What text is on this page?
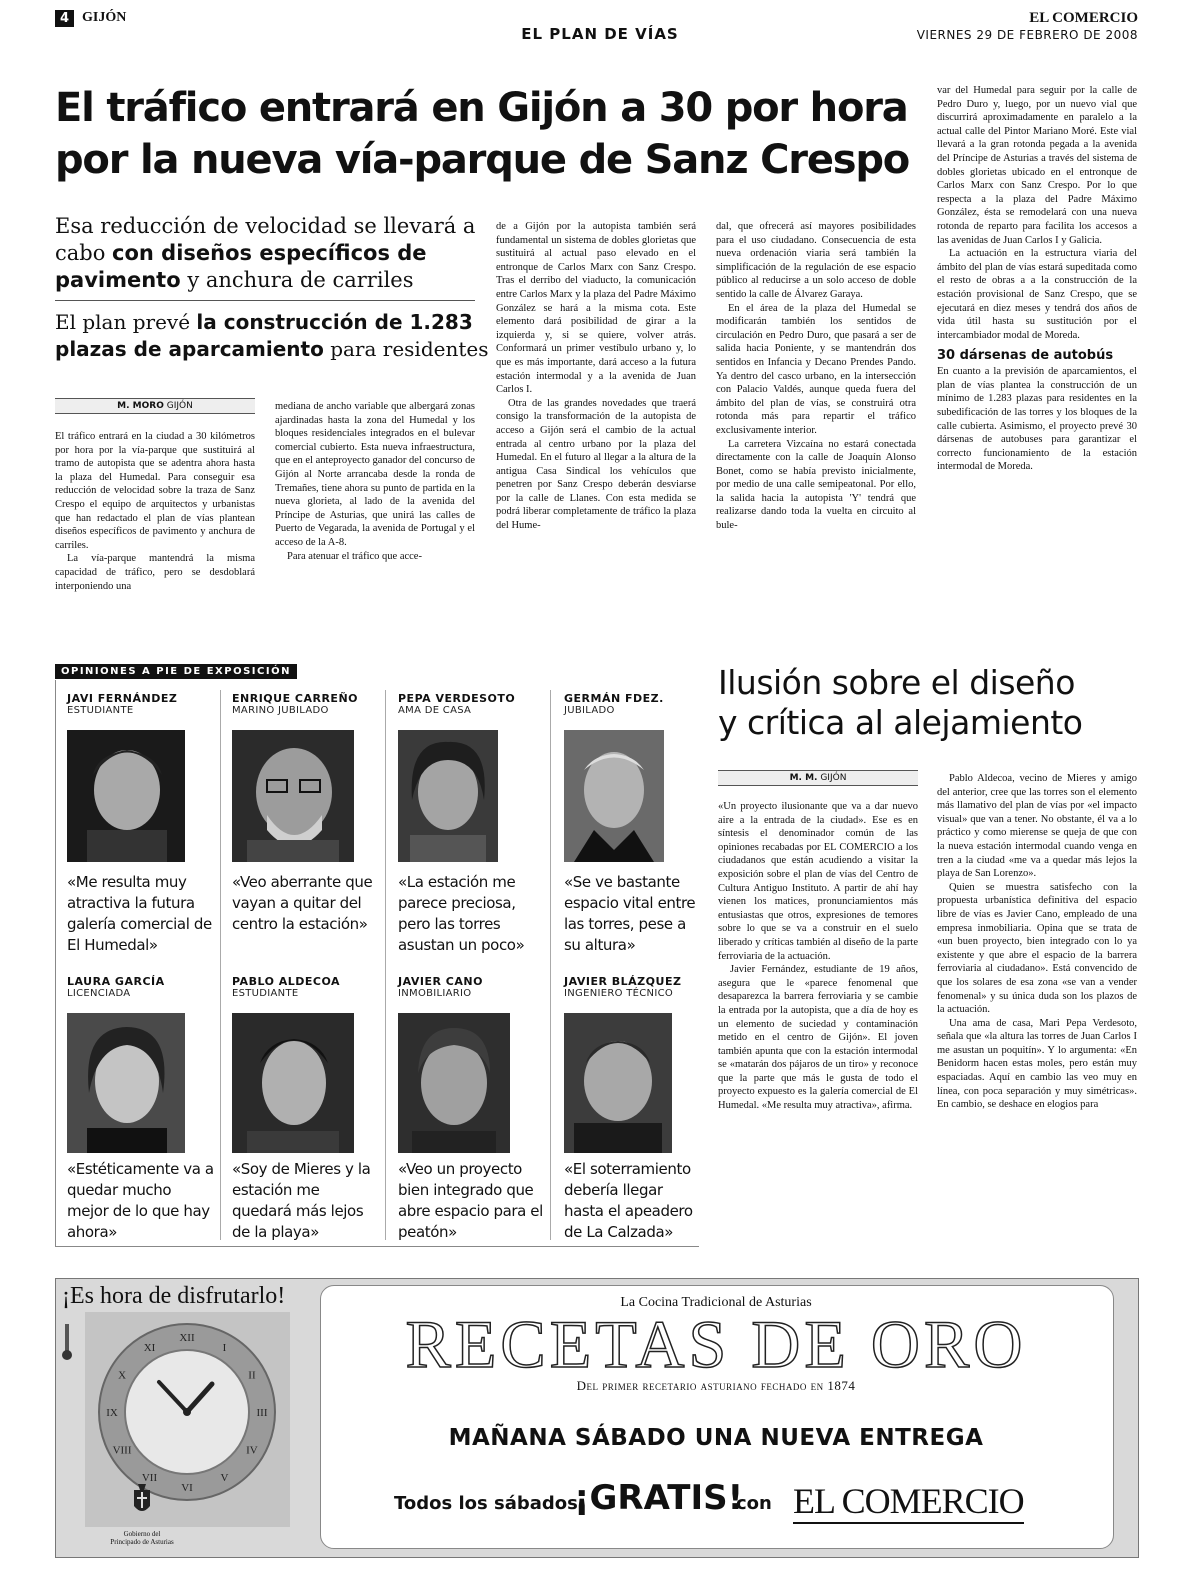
4 GIJÓN
EL PLAN DE VÍAS
EL COMERCIO
VIERNES 29 DE FEBRERO DE 2008
El tráfico entrará en Gijón a 30 por hora
por la nueva vía-parque de Sanz Crespo
Esa reducción de velocidad se llevará a cabo con diseños específicos de pavimento y anchura de carriles
El plan prevé la construcción de 1.283 plazas de aparcamiento para residentes
M. MORO GIJÓN

El tráfico entrará en la ciudad a 30 kilómetros por hora por la vía-parque que sustituirá al tramo de autopista que se adentra ahora hasta la plaza del Humedal. Para conseguir esa reducción de velocidad sobre la traza de Sanz Crespo el equipo de arquitectos y urbanistas que han redactado el plan de vías plantean diseños específicos de pavimento y anchura de carriles.

La vía-parque mantendrá la misma capacidad de tráfico, pero se desdoblará interponiendo una

mediana de ancho variable que albergará zonas ajardinadas hasta la zona del Humedal y los bloques residenciales integrados en el bulevar comercial cubierto. Esta nueva infraestructura, que en el anteproyecto ganador del concurso de Gijón al Norte arrancaba desde la ronda de Tremañes, tiene ahora su punto de partida en la nueva glorieta, al lado de la avenida del Príncipe de Asturias, que unirá las calles de Puerto de Vegarada, la avenida de Portugal y el acceso de la A-8.

Para atenuar el tráfico que acce-

de a Gijón por la autopista también será fundamental un sistema de dobles glorietas que sustituirá al actual paso elevado en el entronque de Carlos Marx con Sanz Crespo. Tras el derribo del viaducto, la comunicación entre Carlos Marx y la plaza del Padre Máximo González se hará a la misma cota. Este elemento dará posibilidad de girar a la izquierda y, si se quiere, volver atrás. Conformará un primer vestíbulo urbano y, lo que es más importante, dará acceso a la futura estación intermodal y a la avenida de Juan Carlos I.

Otra de las grandes novedades que traerá consigo la transformación de la autopista de acceso a Gijón será el cambio de la actual entrada al centro urbano por la plaza del Humedal. En el futuro al llegar a la altura de la antigua Casa Sindical los vehículos que penetren por Sanz Crespo deberán desviarse por la calle de Llanes. Con esta medida se podrá liberar completamente de tráfico la plaza del Hume-

dal, que ofrecerá así mayores posibilidades para el uso ciudadano. Consecuencia de esta nueva ordenación viaria será también la simplificación de la regulación de ese espacio público al reducirse a un solo acceso de doble sentido la calle de Álvarez Garaya.

En el área de la plaza del Humedal se modificarán también los sentidos de circulación en Pedro Duro, que pasará a ser de salida hacia Poniente, y se mantendrán dos sentidos en Infancia y Decano Prendes Pando. Ya dentro del casco urbano, en la intersección con Palacio Valdés, aunque queda fuera del ámbito del plan de vías, se construirá otra rotonda más para repartir el tráfico exclusivamente interior.

La carretera Vizcaína no estará conectada directamente con la calle de Joaquín Alonso Bonet, como se había previsto inicialmente, por medio de una calle semipeatonal. Por ello, la salida hacia la autopista 'Y' tendrá que realizarse dando toda la vuelta en circuito al bule-

var del Humedal para seguir por la calle de Pedro Duro y, luego, por un nuevo vial que discurrirá aproximadamente en paralelo a la actual calle del Pintor Mariano Moré. Este vial llevará a la gran rotonda pegada a la avenida del Príncipe de Asturias a través del sistema de dobles glorietas ubicado en el entronque de Carlos Marx con Sanz Crespo. Por lo que respecta a la plaza del Padre Máximo González, ésta se remodelará con una nueva rotonda de reparto para facilita los accesos a las avenidas de Juan Carlos I y Galicia.

La actuación en la estructura viaria del ámbito del plan de vías estará supeditada como el resto de obras a a la construcción de la estación provisional de Sanz Crespo, que se ejecutará en diez meses y tendrá dos años de vida útil hasta su sustitución por el intercambiador modal de Moreda.

30 dársenas de autobús

En cuanto a la previsión de aparcamientos, el plan de vías plantea la construcción de un mínimo de 1.283 plazas para residentes en la subedificación de las torres y los bloques de la calle cubierta. Asimismo, el proyecto prevé 30 dársenas de autobuses para garantizar el correcto funcionamiento de la estación intermodal de Moreda.

OPINIONES A PIE DE EXPOSICIÓN
JAVI FERNÁNDEZ
ESTUDIANTE
«Me resulta muy atractiva la futura galería comercial de El Humedal»
ENRIQUE CARREÑO
MARINO JUBILADO
«Veo aberrante que vayan a quitar del centro la estación»
PEPA VERDESOTO
AMA DE CASA
«La estación me parece preciosa, pero las torres asustan un poco»
GERMÁN FDEZ.
JUBILADO
«Se ve bastante espacio vital entre las torres, pese a su altura»
LAURA GARCÍA
LICENCIADA
«Estéticamente va a quedar mucho mejor de lo que hay ahora»
PABLO ALDECOA
ESTUDIANTE
«Soy de Mieres y la estación me quedará más lejos de la playa»
JAVIER CANO
INMOBILIARIO
«Veo un proyecto bien integrado que abre espacio para el peatón»
JAVIER BLÁZQUEZ
INGENIERO TÉCNICO
«El soterramiento debería llegar hasta el apeadero de La Calzada»
Ilusión sobre el diseño
y crítica al alejamiento
M. M. GIJÓN

«Un proyecto ilusionante que va a dar nuevo aire a la entrada de la ciudad». Ese es en síntesis el denominador común de las opiniones recabadas por EL COMERCIO a los ciudadanos que están acudiendo a visitar la exposición sobre el plan de vías del Centro de Cultura Antiguo Instituto. A partir de ahí hay vienen los matices, pronunciamientos más entusiastas que otros, expresiones de temores sobre lo que se va a construir en el suelo liberado y críticas también al diseño de la parte ferroviaria de la actuación.

Javier Fernández, estudiante de 19 años, asegura que le «parece fenomenal que desaparezca la barrera ferroviaria y se cambie la entrada por la autopista, que a día de hoy es un elemento de suciedad y contaminación metido en el centro de Gijón». El joven también apunta que con la estación intermodal se «matarán dos pájaros de un tiro» y reconoce que la parte que más le gusta de todo el proyecto expuesto es la galería comercial de El Humedal. «Me resulta muy atractiva», afirma.

Pablo Aldecoa, vecino de Mieres y amigo del anterior, cree que las torres son el elemento más llamativo del plan de vías por «el impacto visual» que van a tener. No obstante, él va a lo práctico y como mierense se queja de que con la nueva estación intermodal cuando venga en tren a la ciudad «me va a quedar más lejos la playa de San Lorenzo».

Quien se muestra satisfecho con la propuesta urbanística definitiva del espacio libre de vías es Javier Cano, empleado de una empresa inmobiliaria. Opina que se trata de «un buen proyecto, bien integrado con lo ya existente y que abre el espacio de la barrera ferroviaria al ciudadano». Está convencido de que los solares de esa zona «se van a vender fenomenal» y su única duda son los plazos de la actuación.

Una ama de casa, Mari Pepa Verdesoto, señala que «la altura las torres de Juan Carlos I me asustan un poquitín». Y lo argumenta: «En Benidorm hacen estas moles, pero están muy espaciadas. Aquí en cambio las veo muy en línea, con poca separación y muy simétricas». En cambio, se deshace en elogios para

¡Es hora de disfrutarlo!
XII
I
II
III
IV
V
VI
VII
VIII
IX
X
XI
Gobierno del
Principado de Asturias
La Cocina Tradicional de Asturias
RECETAS DE ORO
Del primer recetario asturiano fechado en 1874
MAÑANA SÁBADO UNA NUEVA ENTREGA
Todos los sábados
¡GRATIS!
con EL COMERCIO
